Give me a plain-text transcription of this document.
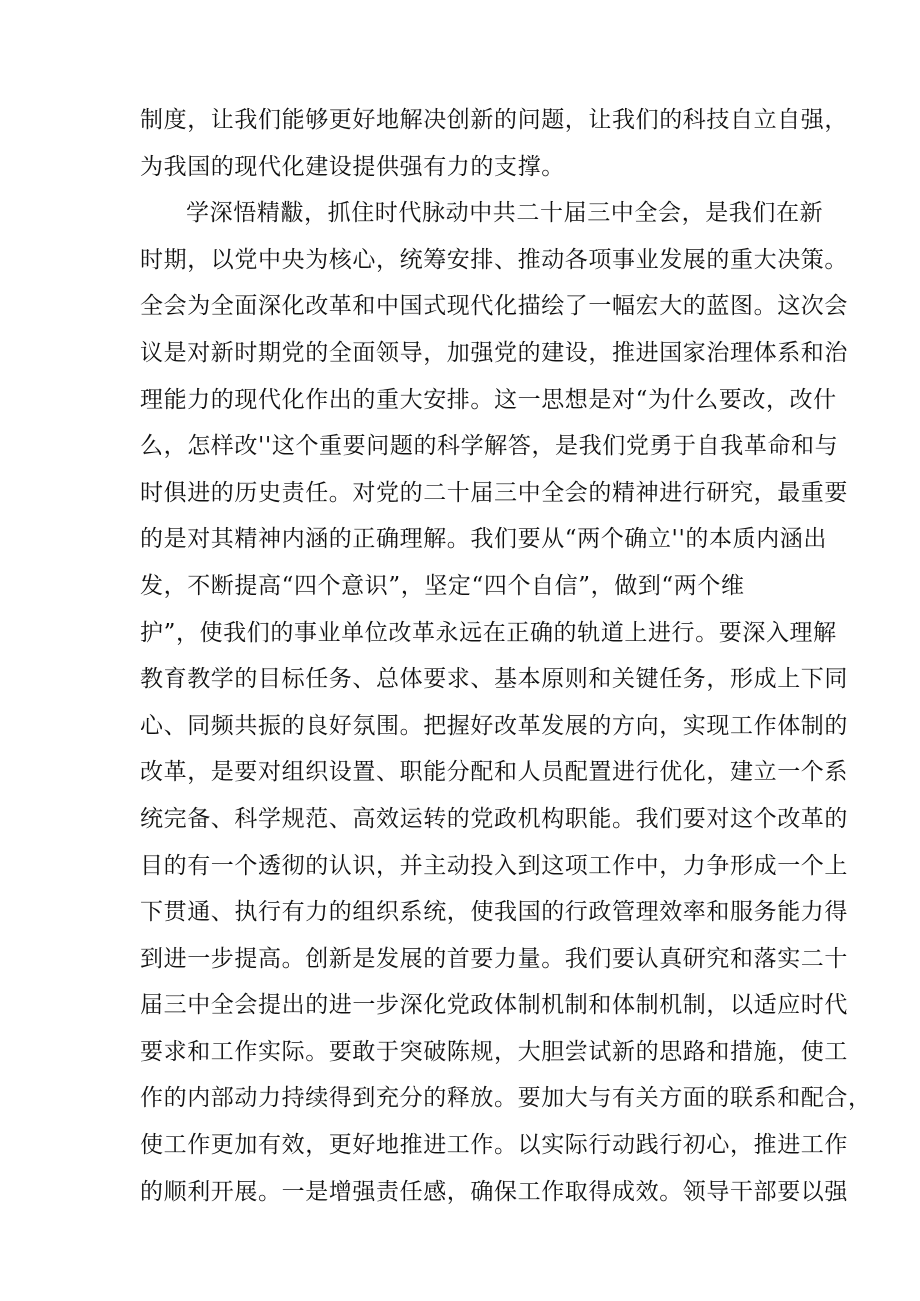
制度，让我们能够更好地解决创新的问题，让我们的科技自立自强，
为我国的现代化建设提供强有力的支撑。
学深悟精黻，抓住时代脉动中共二十届三中全会，是我们在新
时期，以党中央为核心，统筹安排、推动各项事业发展的重大决策。
全会为全面深化改革和中国式现代化描绘了一幅宏大的蓝图。这次会
议是对新时期党的全面领导，加强党的建设，推进国家治理体系和治
理能力的现代化作出的重大安排。这一思想是对“为什么要改，改什
么，怎样改''这个重要问题的科学解答，是我们党勇于自我革命和与
时俱进的历史责任。对党的二十届三中全会的精神进行研究，最重要
的是对其精神内涵的正确理解。我们要从“两个确立''的本质内涵出
发，不断提高“四个意识”，坚定“四个自信”，做到“两个维
护”，使我们的事业单位改革永远在正确的轨道上进行。要深入理解
教育教学的目标任务、总体要求、基本原则和关键任务，形成上下同
心、同频共振的良好氛围。把握好改革发展的方向，实现工作体制的
改革，是要对组织设置、职能分配和人员配置进行优化，建立一个系
统完备、科学规范、高效运转的党政机构职能。我们要对这个改革的
目的有一个透彻的认识，并主动投入到这项工作中，力争形成一个上
下贯通、执行有力的组织系统，使我国的行政管理效率和服务能力得
到进一步提高。创新是发展的首要力量。我们要认真研究和落实二十
届三中全会提出的进一步深化党政体制机制和体制机制，以适应时代
要求和工作实际。要敢于突破陈规，大胆尝试新的思路和措施，使工
作的内部动力持续得到充分的释放。要加大与有关方面的联系和配合，
使工作更加有效，更好地推进工作。以实际行动践行初心，推进工作
的顺利开展。一是增强责任感，确保工作取得成效。领导干部要以强
